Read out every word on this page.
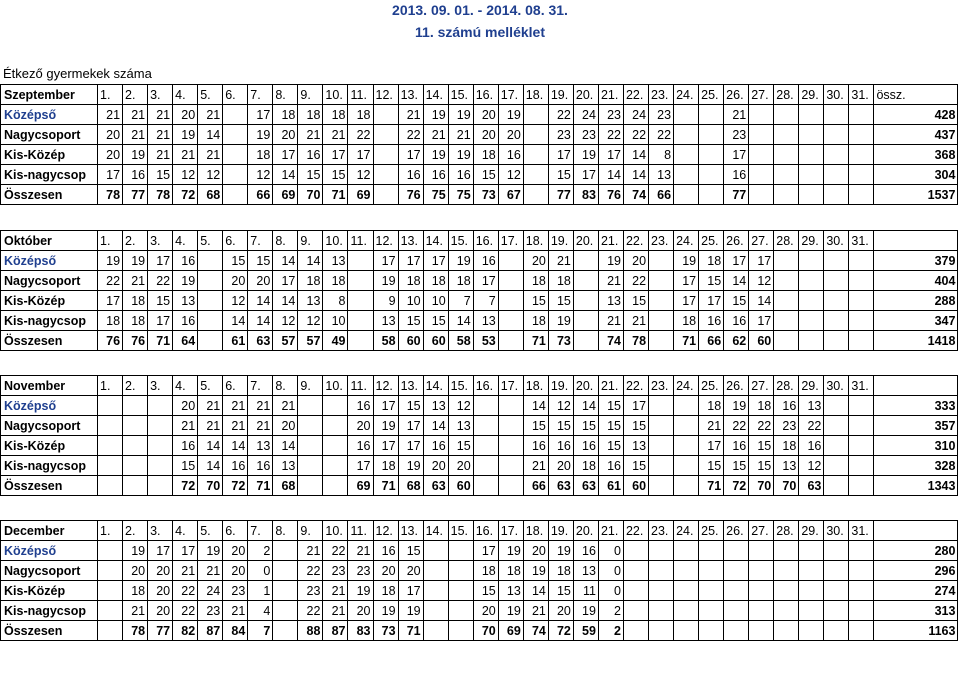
2013. 09. 01. - 2014. 08. 31.
11. számú melléklet
Étkező gyermekek száma
Szeptember	1.	2.	3.	4.	5.	6.	7.	8.	9.	10.	11.	12.	13.	14.	15.	16.	17.	18.	19.	20.	21.	22.	23.	24.	25.	26.	27.	28.	29.	30.	31.	össz.
Középső	21	21	21	20	21		17	18	18	18	18		21	19	19	20	19		22	24	23	24	23			21						428
Nagycsoport	20	21	21	19	14		19	20	21	21	22		22	21	21	20	20		23	23	22	22	22			23						437
Kis-Közép	20	19	21	21	21		18	17	16	17	17		17	19	19	18	16		17	19	17	14	8			17						368
Kis-nagycsop	17	16	15	12	12		12	14	15	15	12		16	16	16	15	12		15	17	14	14	13			16						304
Összesen	78	77	78	72	68		66	69	70	71	69		76	75	75	73	67		77	83	76	74	66			77						1537
Október	1.	2.	3.	4.	5.	6.	7.	8.	9.	10.	11.	12.	13.	14.	15.	16.	17.	18.	19.	20.	21.	22.	23.	24.	25.	26.	27.	28.	29.	30.	31.	
Középső	19	19	17	16		15	15	14	14	13		17	17	17	19	16		20	21		19	20		19	18	17	17					379
Nagycsoport	22	21	22	19		20	20	17	18	18		19	18	18	18	17		18	18		21	22		17	15	14	12					404
Kis-Közép	17	18	15	13		12	14	14	13	8		9	10	10	7	7		15	15		13	15		17	17	15	14					288
Kis-nagycsop	18	18	17	16		14	14	12	12	10		13	15	15	14	13		18	19		21	21		18	16	16	17					347
Összesen	76	76	71	64		61	63	57	57	49		58	60	60	58	53		71	73		74	78		71	66	62	60					1418
November	1.	2.	3.	4.	5.	6.	7.	8.	9.	10.	11.	12.	13.	14.	15.	16.	17.	18.	19.	20.	21.	22.	23.	24.	25.	26.	27.	28.	29.	30.	31.	
Középső				20	21	21	21	21			16	17	15	13	12			14	12	14	15	17			18	19	18	16	13			333
Nagycsoport				21	21	21	21	20			20	19	17	14	13			15	15	15	15	15			21	22	22	23	22			357
Kis-Közép				16	14	14	13	14			16	17	17	16	15			16	16	16	15	13			17	16	15	18	16			310
Kis-nagycsop				15	14	16	16	13			17	18	19	20	20			21	20	18	16	15			15	15	15	13	12			328
Összesen				72	70	72	71	68			69	71	68	63	60			66	63	63	61	60			71	72	70	70	63			1343
December	1.	2.	3.	4.	5.	6.	7.	8.	9.	10.	11.	12.	13.	14.	15.	16.	17.	18.	19.	20.	21.	22.	23.	24.	25.	26.	27.	28.	29.	30.	31.	
Középső		19	17	17	19	20	2		21	22	21	16	15			17	19	20	19	16	0											280
Nagycsoport		20	20	21	21	20	0		22	23	23	20	20			18	18	19	18	13	0											296
Kis-Közép		18	20	22	24	23	1		23	21	19	18	17			15	13	14	15	11	0											274
Kis-nagycsop		21	20	22	23	21	4		22	21	20	19	19			20	19	21	20	19	2											313
Összesen		78	77	82	87	84	7		88	87	83	73	71			70	69	74	72	59	2											1163
